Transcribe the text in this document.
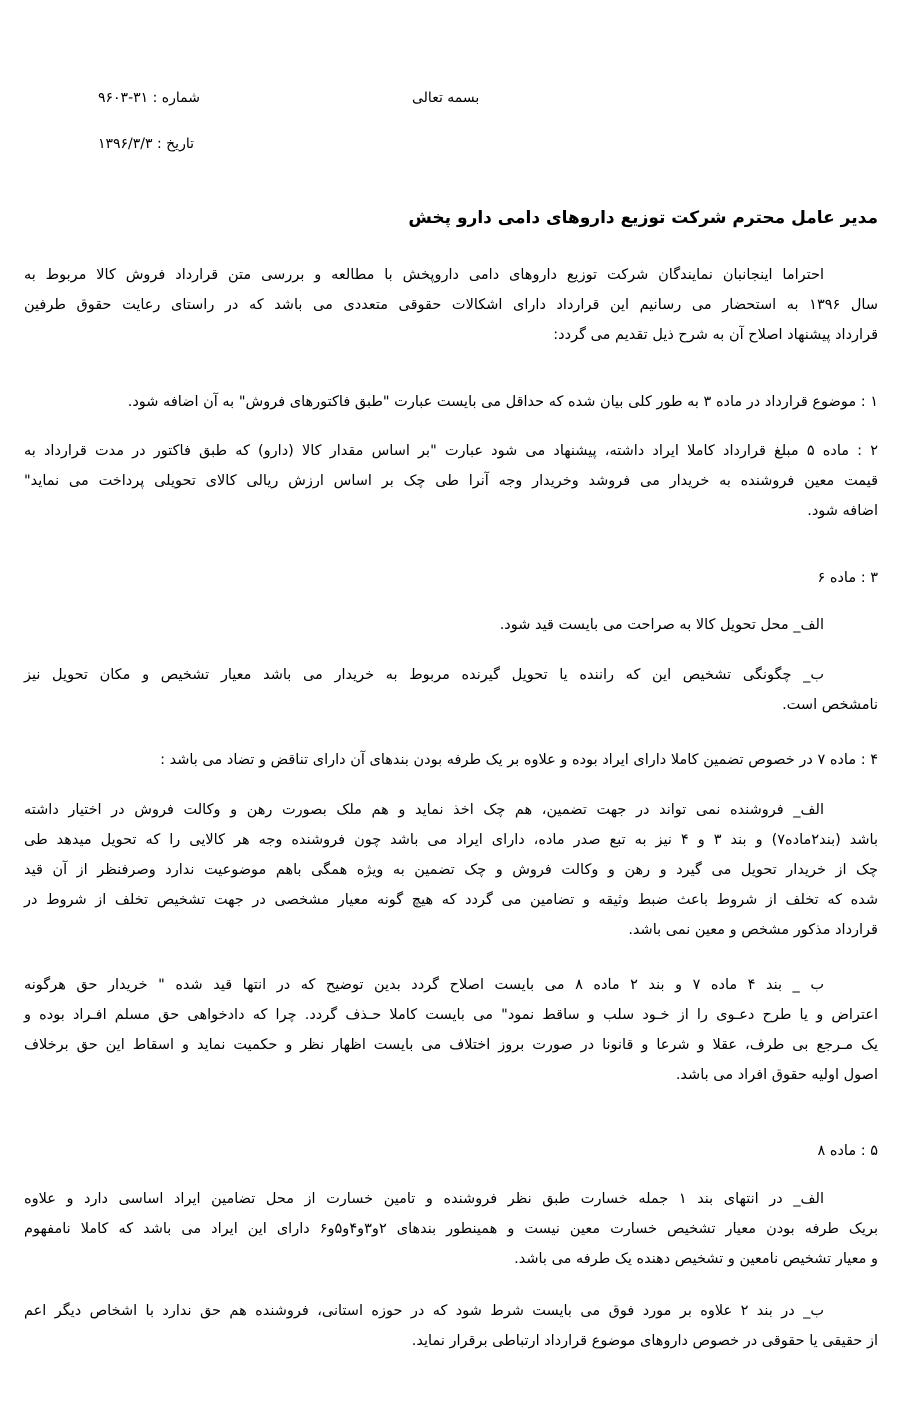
بسمه تعالی
شماره : ۳۱-۹۶۰۳
تاریخ : ۱۳۹۶/۳/۳
مدیر عامل محترم شرکت توزیع داروهای دامی دارو پخش
احتراما اینجانبان نمایندگان شرکت توزیع داروهای دامی داروپخش با مطالعه و بررسی متن قرارداد فروش کالا مربوط به
سال ۱۳۹۶ به استحضار می رسانیم این قرارداد دارای اشکالات حقوقی متعددی می باشد که در راستای رعایت حقوق طرفین
قرارداد پیشنهاد اصلاح آن به شرح ذیل تقدیم می گردد:
۱ : موضوع قرارداد در ماده ۳ به طور کلی بیان شده که حداقل می بایست عبارت "طبق فاکتورهای فروش" به آن اضافه شود.
۲ : ماده ۵ مبلغ قرارداد کاملا ایراد داشته، پیشنهاد می شود عبارت "بر اساس مقدار کالا (دارو) که طبق فاکتور در مدت قرارداد به
قیمت معین فروشنده به خریدار می فروشد وخریدار وجه آنرا طی چک بر اساس ارزش ریالی کالای تحویلی پرداخت می نماید"
اضافه شود.
۳ : ماده ۶
الف_ محل تحویل کالا به صراحت می بایست قید شود.
ب_ چگونگی تشخیص این که راننده یا تحویل گیرنده مربوط به خریدار می باشد معیار تشخیص و مکان تحویل نیز
نامشخص است.
۴ : ماده ۷ در خصوص تضمین کاملا دارای ایراد بوده و علاوه بر یک طرفه بودن بندهای آن دارای تناقض و تضاد می باشد :
الف_ فروشنده نمی تواند در جهت تضمین، هم چک اخذ نماید و هم ملک بصورت رهن و وکالت فروش در اختیار داشته
باشد (بند۲ماده۷) و بند ۳ و ۴ نیز به تبع صدر ماده، دارای ایراد می باشد چون فروشنده وجه هر کالایی را که تحویل میدهد طی
چک از خریدار تحویل می گیرد و رهن و وکالت فروش و چک تضمین به ویژه همگی باهم موضوعیت ندارد وصرفنظر از آن قید
شده که تخلف از شروط باعث ضبط وثیقه و تضامین می گردد که هیچ گونه معیار مشخصی در جهت تشخیص تخلف از شروط در
قرارداد مذکور مشخص و معین نمی باشد.
ب _ بند ۴ ماده ۷ و بند ۲ ماده ۸ می بایست اصلاح گردد بدین توضیح که در انتها قید شده " خریدار حق هرگونه
اعتراض و یا طرح دعـوی را از خـود سلب و ساقط نمود" می بایست کاملا حـذف گردد. چرا که دادخواهی حق مسلم افـراد بوده و
یک مـرجع بی طرف، عقلا و شرعا و قانونا در صورت بروز اختلاف می بایست اظهار نظر و حکمیت نماید و اسقاط این حق برخلاف
اصول اولیه حقوق افراد می باشد.
۵ : ماده ۸
الف_ در انتهای بند ۱ جمله خسارت طبق نظر فروشنده و تامین خسارت از محل تضامین ایراد اساسی دارد و علاوه
بریک طرفه بودن معیار تشخیص خسارت معین نیست و همینطور بندهای ۲و۳و۴و۵و۶ دارای این ایراد می باشد که کاملا نامفهوم
و معیار تشخیص نامعین و تشخیص دهنده یک طرفه می باشد.
ب_ در بند ۲ علاوه بر مورد فوق می بایست شرط شود که در حوزه استانی، فروشنده هم حق ندارد با اشخاص دیگر اعم
از حقیقی یا حقوقی در خصوص داروهای موضوع قرارداد ارتباطی برقرار نماید.
